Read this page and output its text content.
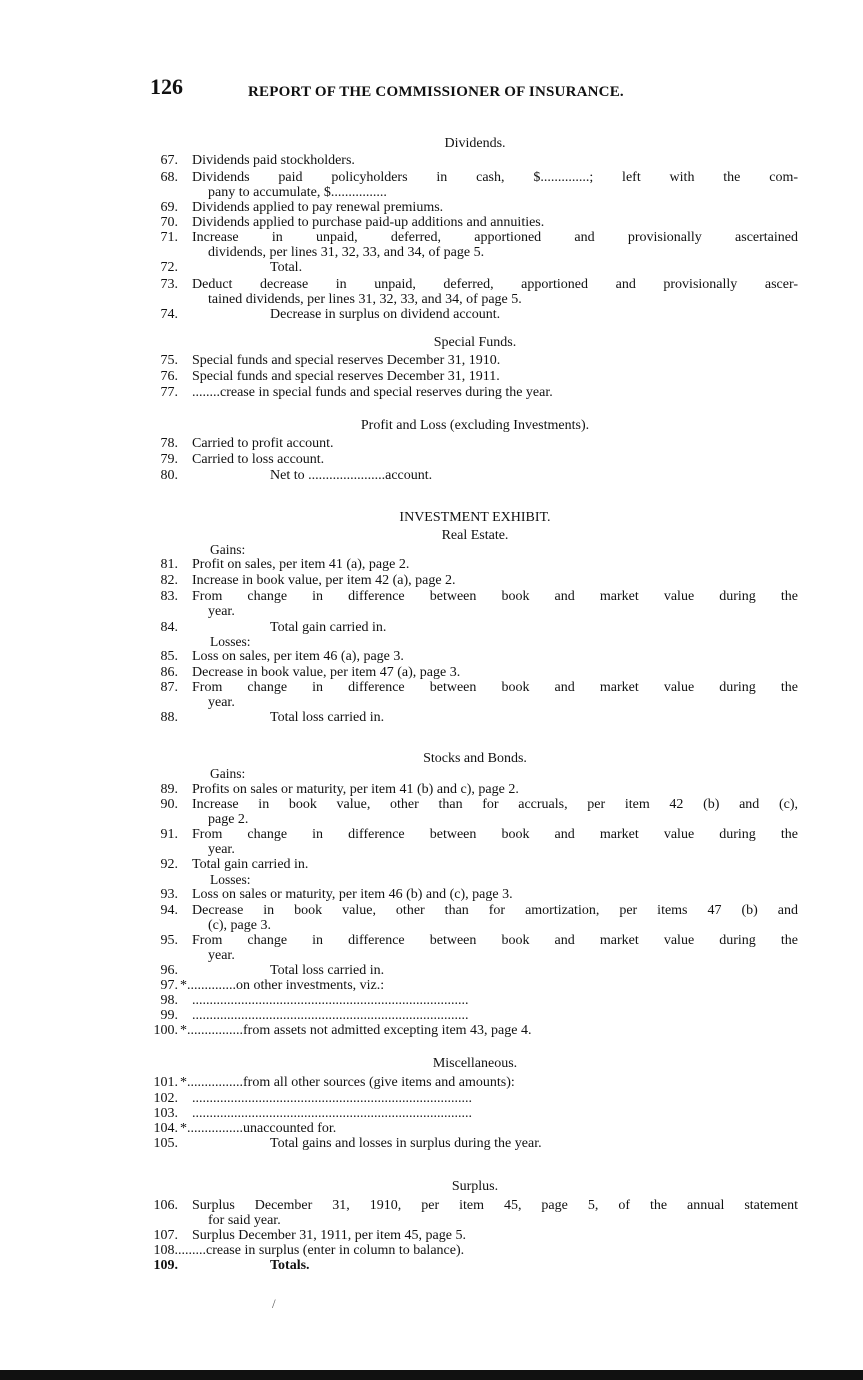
126	REPORT OF THE COMMISSIONER OF INSURANCE.
Dividends.
67. Dividends paid stockholders.
68. Dividends paid policyholders in cash, $..............; left with the com-
pany to accumulate, $................
69. Dividends applied to pay renewal premiums.
70. Dividends applied to purchase paid-up additions and annuities.
71. Increase in unpaid, deferred, apportioned and provisionally ascertained
dividends, per lines 31, 32, 33, and 34, of page 5.
72.	Total.
73. Deduct decrease in unpaid, deferred, apportioned and provisionally ascer-
tained dividends, per lines 31, 32, 33, and 34, of page 5.
74.	Decrease in surplus on dividend account.
Special Funds.
75. Special funds and special reserves December 31, 1910.
76. Special funds and special reserves December 31, 1911.
77. ........crease in special funds and special reserves during the year.
Profit and Loss (excluding Investments).
78. Carried to profit account.
79. Carried to loss account.
80.	Net to ......................account.
INVESTMENT EXHIBIT.
Real Estate.
Gains:
81. Profit on sales, per item 41 (a), page 2.
82. Increase in book value, per item 42 (a), page 2.
83. From change in difference between book and market value during the
year.
84.	Total gain carried in.
Losses:
85. Loss on sales, per item 46 (a), page 3.
86. Decrease in book value, per item 47 (a), page 3.
87. From change in difference between book and market value during the
year.
88.	Total loss carried in.
Stocks and Bonds.
Gains:
89. Profits on sales or maturity, per item 41 (b) and c), page 2.
90. Increase in book value, other than for accruals, per item 42 (b) and (c),
page 2.
91. From change in difference between book and market value during the
year.
92. Total gain carried in.
Losses:
93. Loss on sales or maturity, per item 46 (b) and (c), page 3.
94. Decrease in book value, other than for amortization, per items 47 (b) and
(c), page 3.
95. From change in difference between book and market value during the
year.
96.	Total loss carried in.
97. *..............on other investments, viz.:
98. ...............................................................................
99. ...............................................................................
100. *................from assets not admitted excepting item 43, page 4.
Miscellaneous.
101. *................from all other sources (give items and amounts):
102. ................................................................................
103. ................................................................................
104. *................unaccounted for.
105.	Total gains and losses in surplus during the year.
Surplus.
106. Surplus December 31, 1910, per item 45, page 5, of the annual statement
for said year.
107. Surplus December 31, 1911, per item 45, page 5.
108. ........crease in surplus (enter in column to balance).
109.	Totals.
/
